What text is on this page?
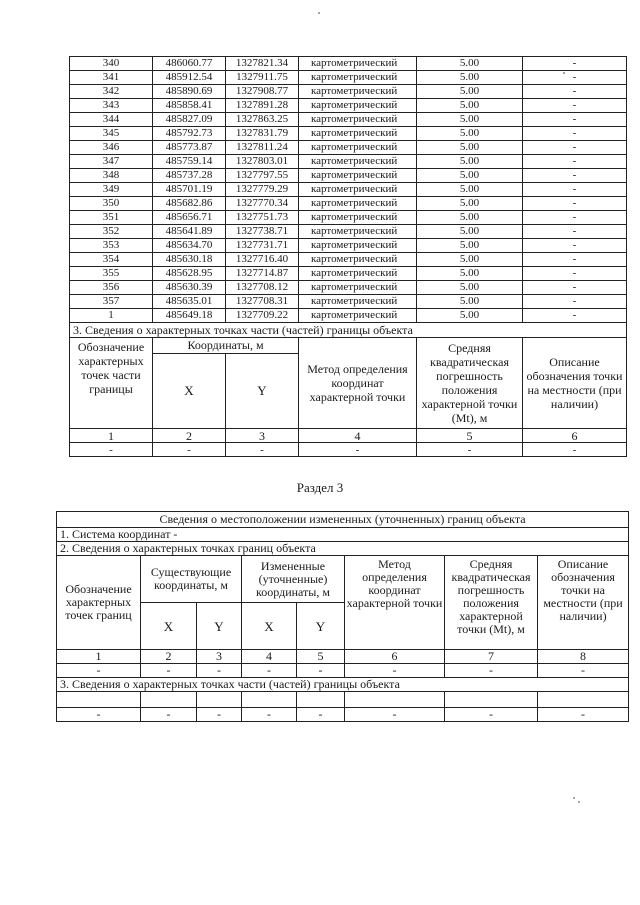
340	486060.77	1327821.34	картометрический	5.00	-
341	485912.54	1327911.75	картометрический	5.00	-
342	485890.69	1327908.77	картометрический	5.00	-
343	485858.41	1327891.28	картометрический	5.00	-
344	485827.09	1327863.25	картометрический	5.00	-
345	485792.73	1327831.79	картометрический	5.00	-
346	485773.87	1327811.24	картометрический	5.00	-
347	485759.14	1327803.01	картометрический	5.00	-
348	485737.28	1327797.55	картометрический	5.00	-
349	485701.19	1327779.29	картометрический	5.00	-
350	485682.86	1327770.34	картометрический	5.00	-
351	485656.71	1327751.73	картометрический	5.00	-
352	485641.89	1327738.71	картометрический	5.00	-
353	485634.70	1327731.71	картометрический	5.00	-
354	485630.18	1327716.40	картометрический	5.00	-
355	485628.95	1327714.87	картометрический	5.00	-
356	485630.39	1327708.12	картометрический	5.00	-
357	485635.01	1327708.31	картометрический	5.00	-
1	485649.18	1327709.22	картометрический	5.00	-
3. Сведения о характерных точках части (частей) границы объекта					
Обозначение характерных точек части границы	Координаты, м		Метод определения координат характерной точки	Средняя квадратическая погрешность положения характерной точки (Mt), м	Описание обозначения точки на местности (при наличии)
	X	Y			
1	2	3	4	5	6
-	-	-	-	-	-
Раздел 3
Сведения о местоположении измененных (уточненных) границ объекта							
1. Система координат -							
2. Сведения о характерных точках границ объекта							
Обозначение характерных точек границ	Существующие координаты, м		Измененные (уточненные) координаты, м		Метод определения координат характерной точки	Средняя квадратическая погрешность положения характерной точки (Mt), м	Описание обозначения точки на местности (при наличии)
	X	Y	X	Y			
1	2	3	4	5	6	7	8
-	-	-	-	-	-	-	-
3. Сведения о характерных точках части (частей) границы объекта							

-	-	-	-	-	-	-	-
